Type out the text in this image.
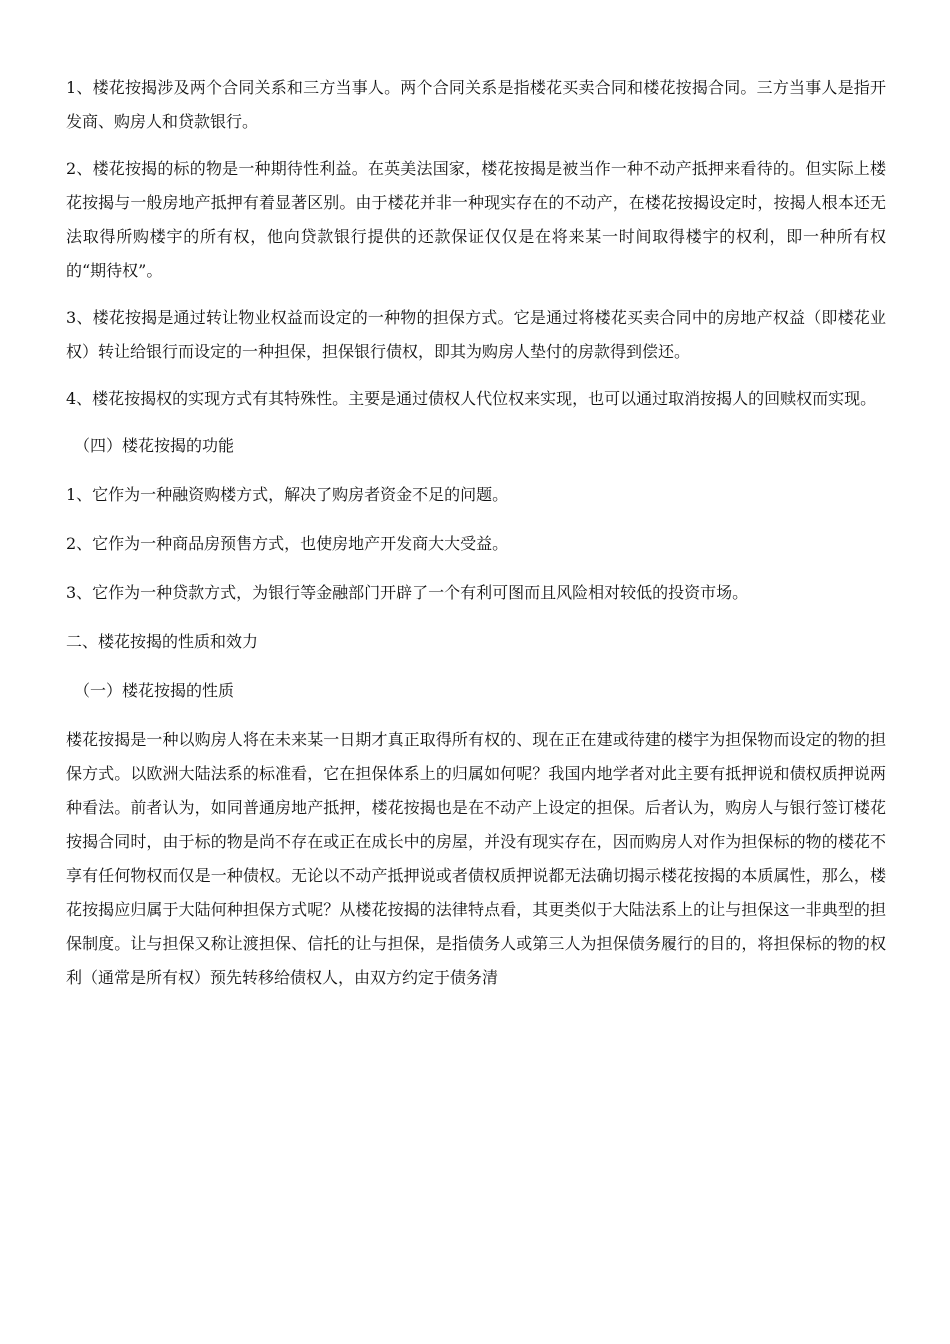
1、楼花按揭涉及两个合同关系和三方当事人。两个合同关系是指楼花买卖合同和楼花按揭合同。三方当事人是指开发商、购房人和贷款银行。

2、楼花按揭的标的物是一种期待性利益。在英美法国家，楼花按揭是被当作一种不动产抵押来看待的。但实际上楼花按揭与一般房地产抵押有着显著区别。由于楼花并非一种现实存在的不动产，在楼花按揭设定时，按揭人根本还无法取得所购楼宇的所有权，他向贷款银行提供的还款保证仅仅是在将来某一时间取得楼宇的权利，即一种所有权的“期待权”。

3、楼花按揭是通过转让物业权益而设定的一种物的担保方式。它是通过将楼花买卖合同中的房地产权益（即楼花业权）转让给银行而设定的一种担保，担保银行债权，即其为购房人垫付的房款得到偿还。

4、楼花按揭权的实现方式有其特殊性。主要是通过债权人代位权来实现，也可以通过取消按揭人的回赎权而实现。

（四）楼花按揭的功能

1、它作为一种融资购楼方式，解决了购房者资金不足的问题。

2、它作为一种商品房预售方式，也使房地产开发商大大受益。

3、它作为一种贷款方式，为银行等金融部门开辟了一个有利可图而且风险相对较低的投资市场。

二、楼花按揭的性质和效力

（一）楼花按揭的性质

楼花按揭是一种以购房人将在未来某一日期才真正取得所有权的、现在正在建或待建的楼宇为担保物而设定的物的担保方式。以欧洲大陆法系的标准看，它在担保体系上的归属如何呢？我国内地学者对此主要有抵押说和债权质押说两种看法。前者认为，如同普通房地产抵押，楼花按揭也是在不动产上设定的担保。后者认为，购房人与银行签订楼花按揭合同时，由于标的物是尚不存在或正在成长中的房屋，并没有现实存在，因而购房人对作为担保标的物的楼花不享有任何物权而仅是一种债权。无论以不动产抵押说或者债权质押说都无法确切揭示楼花按揭的本质属性，那么，楼花按揭应归属于大陆何种担保方式呢？从楼花按揭的法律特点看，其更类似于大陆法系上的让与担保这一非典型的担保制度。让与担保又称让渡担保、信托的让与担保，是指债务人或第三人为担保债务履行的目的，将担保标的物的权利（通常是所有权）预先转移给债权人，由双方约定于债务清
